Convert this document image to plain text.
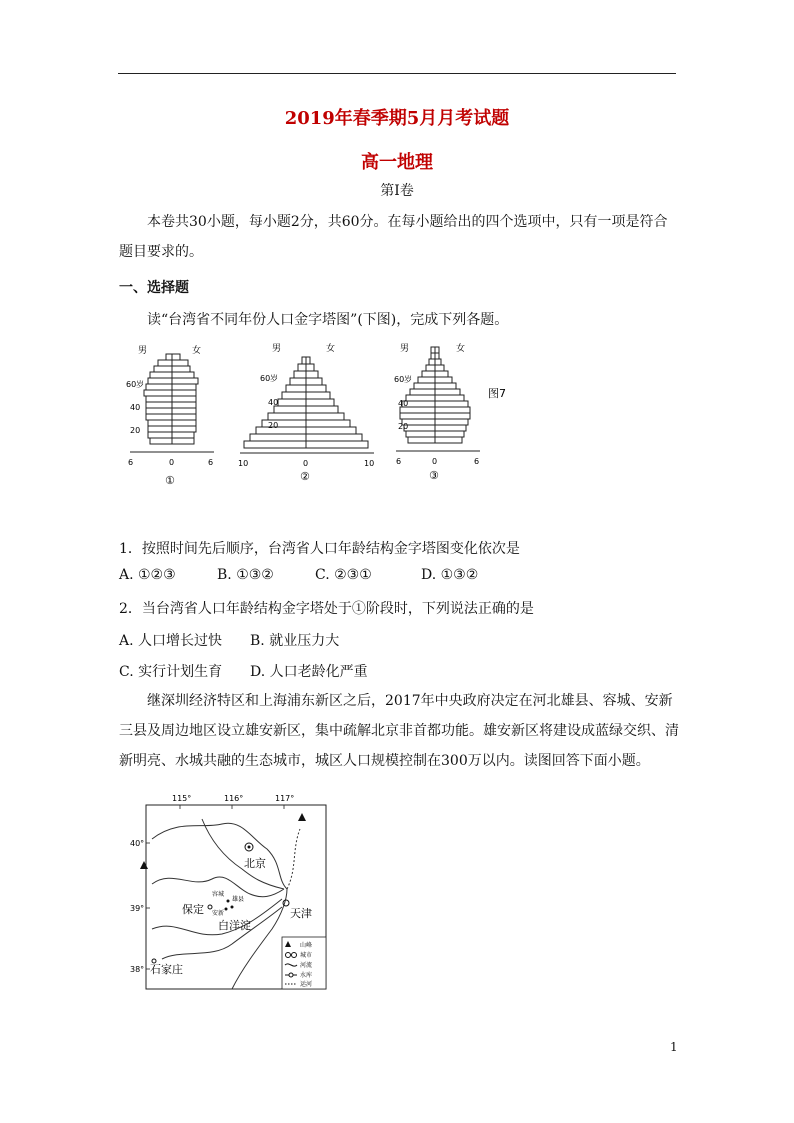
2019年春季期5月月考试题
高一地理
第I卷

本卷共30小题，每小题2分，共60分。在每小题给出的四个选项中，只有一项是符合题目要求的。

一、选择题
读“台湾省不同年份人口金字塔图”(下图)，完成下列各题。
男	女
60岁
40
20
6	0	6
①
男	女
60岁
40
20
10	0	10
②
男	女
60岁
40
20
6	0	6
③
图7
1．按照时间先后顺序，台湾省人口年龄结构金字塔图变化依次是
A. ①②③	B. ①③②	C. ②③①	D. ①③②
2．当台湾省人口年龄结构金字塔处于①阶段时，下列说法正确的是
A. 人口增长过快 B. 就业压力大
C. 实行计划生育 D. 人口老龄化严重

继深圳经济特区和上海浦东新区之后，2017年中央政府决定在河北雄县、容城、安新三县及周边地区设立雄安新区，集中疏解北京非首都功能。雄安新区将建设成蓝绿交织、清新明亮、水城共融的生态城市，城区人口规模控制在300万以内。读图回答下面小题。

115°	116°	117°
40°
39°
38°
北京
天津
保定
石家庄
白洋淀
容城
雄县
安新
山峰
城市
河流
水库
运河
1
